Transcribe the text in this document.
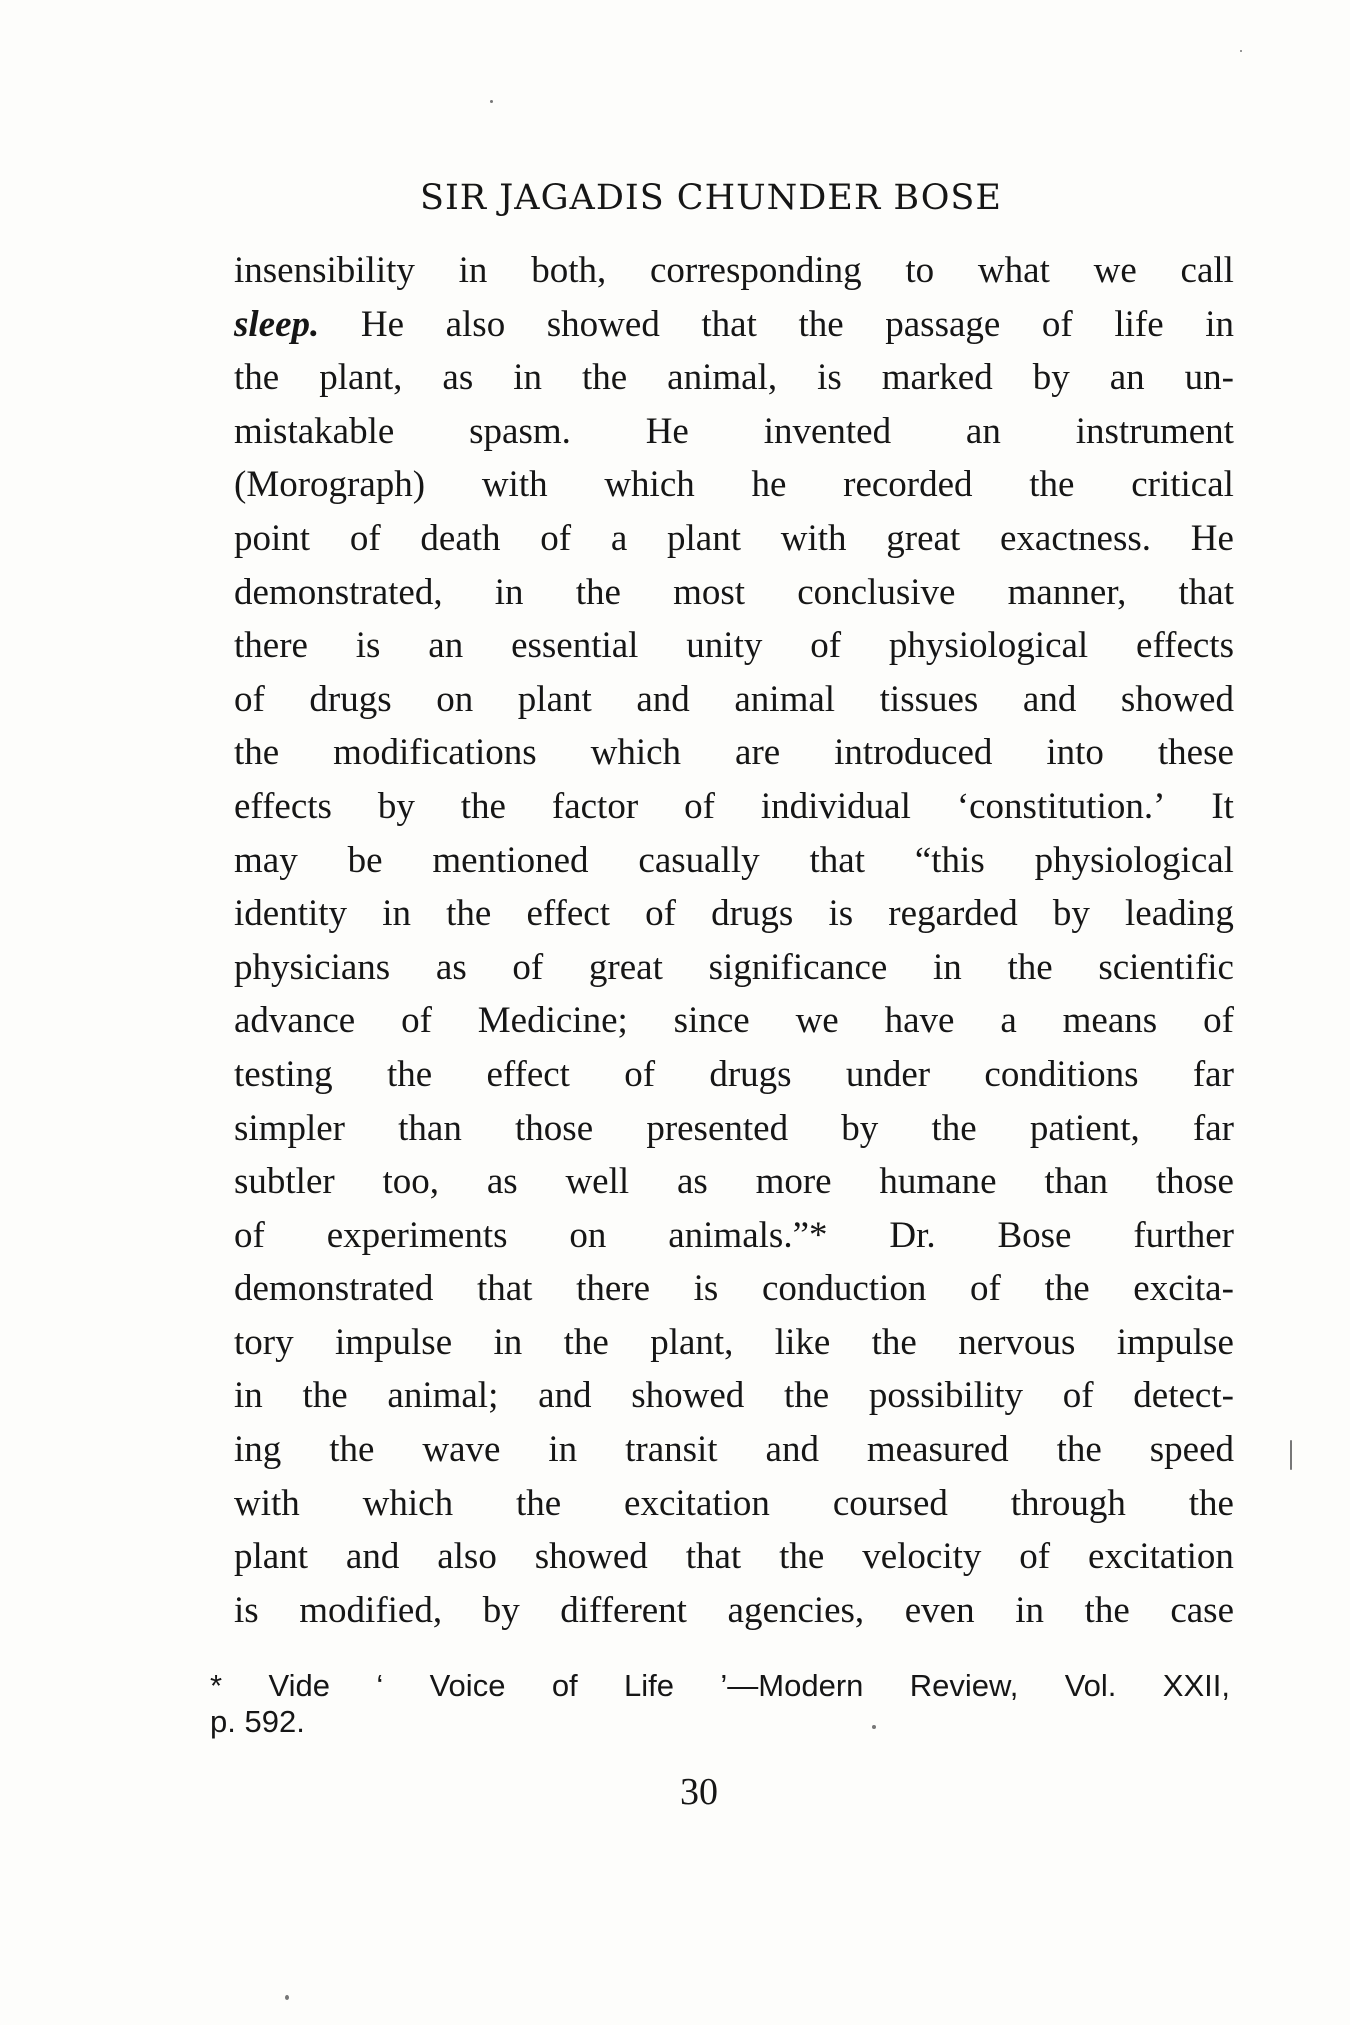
SIR JAGADIS CHUNDER BOSE
insensibility in both, corresponding to what we call
sleep. He also showed that the passage of life in
the plant, as in the animal, is marked by an un-
mistakable spasm. He invented an instrument
(Morograph) with which he recorded the critical
point of death of a plant with great exactness. He
demonstrated, in the most conclusive manner, that
there is an essential unity of physiological effects
of drugs on plant and animal tissues and showed
the modifications which are introduced into these
effects by the factor of individual ‘constitution.’ It
may be mentioned casually that “this physiological
identity in the effect of drugs is regarded by leading
physicians as of great significance in the scientific
advance of Medicine; since we have a means of
testing the effect of drugs under conditions far
simpler than those presented by the patient, far
subtler too, as well as more humane than those
of experiments on animals.”* Dr. Bose further
demonstrated that there is conduction of the excita-
tory impulse in the plant, like the nervous impulse
in the animal; and showed the possibility of detect-
ing the wave in transit and measured the speed
with which the excitation coursed through the
plant and also showed that the velocity of excitation
is modified, by different agencies, even in the case
* Vide ‘ Voice of Life ’—Modern Review, Vol. XXII,
p. 592.
30
